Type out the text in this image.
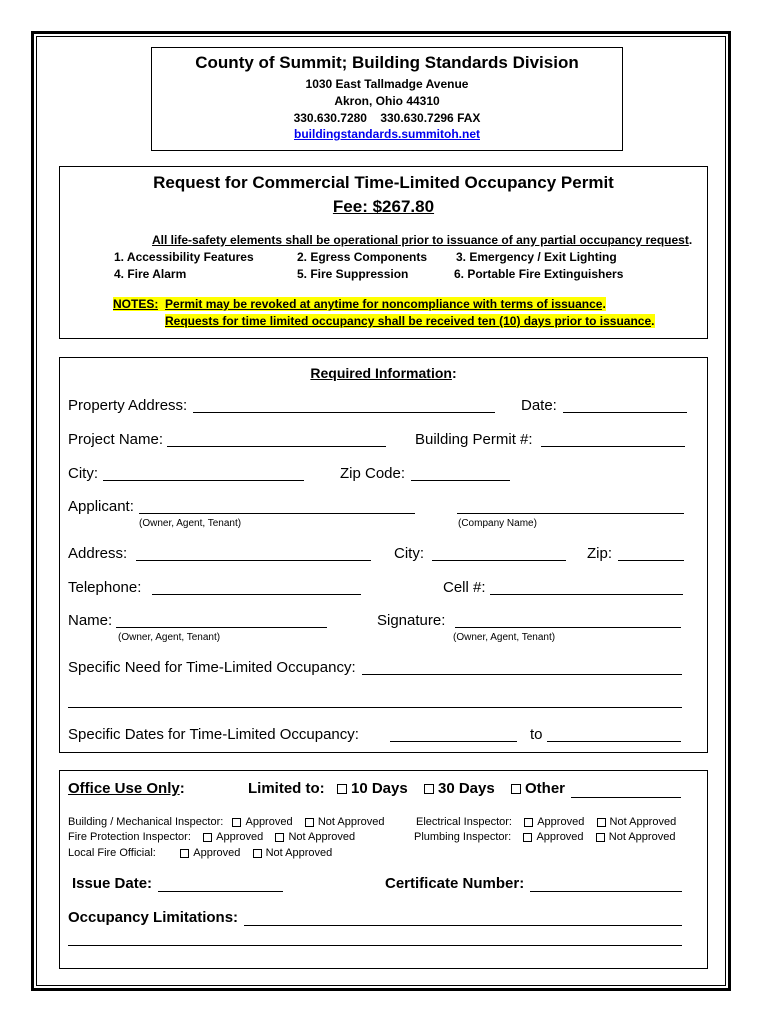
County of Summit; Building Standards Division
1030 East Tallmadge Avenue
Akron, Ohio 44310
330.630.7280 330.630.7296 FAX
buildingstandards.summitoh.net
Request for Commercial Time-Limited Occupancy Permit
Fee: $267.80
All life-safety elements shall be operational prior to issuance of any partial occupancy request.
1. Accessibility Features	2. Egress Components 3. Emergency / Exit Lighting
4. Fire Alarm	5. Fire Suppression	6. Portable Fire Extinguishers
NOTES: Permit may be revoked at anytime for noncompliance with terms of issuance.
Requests for time limited occupancy shall be received ten (10) days prior to issuance.
Required Information:
Property Address:	Date:
Project Name:	Building Permit #:
City:	Zip Code:
Applicant:
(Owner, Agent, Tenant)	(Company Name)
Address:	City:	Zip:
Telephone:	Cell #:
Name:	Signature:
(Owner, Agent, Tenant)	(Owner, Agent, Tenant)
Specific Need for Time-Limited Occupancy:
Specific Dates for Time-Limited Occupancy:	to
Office Use Only:	Limited to:	10 Days	30 Days	Other
Building / Mechanical Inspector: Approved Not Approved	Electrical Inspector: Approved Not Approved
Fire Protection Inspector: Approved Not Approved	Plumbing Inspector: Approved Not Approved
Local Fire Official:	Approved Not Approved
Issue Date:	Certificate Number:
Occupancy Limitations:
